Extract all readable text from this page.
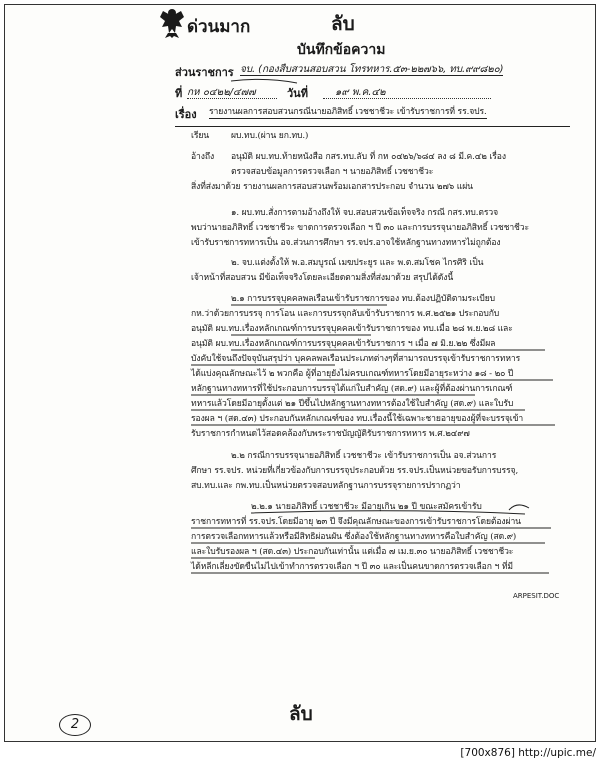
ด่วนมาก	ลับ
บันทึกข้อความ
ส่วนราชการ จบ. (กองสืบสวนสอบสวน โทรทหาร.๕๓-๒๒๗๖๖, ทบ.๙๙๘๒๐)
ที่ กห ๐๔๒๒/๔๗๗	วันที่	๑๙ พ.ค.๔๒
เรื่อง รายงานผลการสอบสวนกรณีนายอภิสิทธิ์ เวชชาชีวะ เข้ารับราชการที่ รร.จปร.
เรียน	ผบ.ทบ.(ผ่าน ยก.ทบ.)
อ้างถึง อนุมัติ ผบ.ทบ.ท้ายหนังสือ กสร.ทบ.ลับ ที่ กห ๐๔๒๖/๖๘๔ ลง ๘ มี.ค.๔๒ เรื่อง
ตรวจสอบข้อมูลการตรวจเลือก ฯ นายอภิสิทธิ์ เวชชาชีวะ
สิ่งที่ส่งมาด้วย รายงานผลการสอบสวนพร้อมเอกสารประกอบ จำนวน ๒๗๖ แผ่น
๑. ผบ.ทบ.สั่งการตามอ้างถึงให้ จบ.สอบสวนข้อเท็จจริง กรณี กสร.ทบ.ตรวจ
พบว่านายอภิสิทธิ์ เวชชาชีวะ ขาดการตรวจเลือก ฯ ปี ๓๐ และการบรรจุนายอภิสิทธิ์ เวชชาชีวะ
เข้ารับราชการทหารเป็น อจ.ส่วนการศึกษา รร.จปร.อาจใช้หลักฐานทางทหารไม่ถูกต้อง
๒. จบ.แต่งตั้งให้ พ.อ.สมบูรณ์ เมฆประยูร และ พ.ต.สมโชค ไกรศิริ เป็น
เจ้าหน้าที่สอบสวน มีข้อเท็จจริงโดยละเอียดตามสิ่งที่ส่งมาด้วย สรุปได้ดังนี้
๒.๑ การบรรจุบุคคลพลเรือนเข้ารับราชการของ ทบ.ต้องปฏิบัติตามระเบียบ
กห.ว่าด้วยการบรรจุ การโอน และการบรรจุกลับเข้ารับราชการ พ.ศ.๒๕๒๑ ประกอบกับ
อนุมัติ ผบ.ทบ.เรื่องหลักเกณฑ์การบรรจุบุคคลเข้ารับราชการของ ทบ.เมื่อ ๒๘ พ.ย.๒๘ และ
อนุมัติ ผบ.ทบ.เรื่องหลักเกณฑ์การบรรจุบุคคลเข้ารับราชการ ฯ เมื่อ ๗ มิ.ย.๒๒ ซึ่งมีผล
บังคับใช้จนถึงปัจจุบันสรุปว่า บุคคลพลเรือนประเภทต่างๆที่สามารถบรรจุเข้ารับราชการทหาร
ได้แบ่งคุณลักษณะไว้ ๒ พวกคือ ผู้ที่อายุยังไม่ครบเกณฑ์ทหารโดยมีอายุระหว่าง ๑๘ - ๒๐ ปี
หลักฐานทางทหารที่ใช้ประกอบการบรรจุได้แก่ใบสำคัญ (สด.๙) และผู้ที่ต้องผ่านการเกณฑ์
ทหารแล้วโดยมีอายุตั้งแต่ ๒๑ ปีขึ้นไปหลักฐานทางทหารต้องใช้ใบสำคัญ (สด.๙) และใบรับ
รองผล ฯ (สด.๔๓) ประกอบกันหลักเกณฑ์ของ ทบ.เรื่องนี้ใช้เฉพาะชายอายุของผู้ที่จะบรรจุเข้า
รับราชการกำหนดไว้สอดคล้องกับพระราชบัญญัติรับราชการทหาร พ.ศ.๒๔๙๗
๒.๒ กรณีการบรรจุนายอภิสิทธิ์ เวชชาชีวะ เข้ารับราชการเป็น อจ.ส่วนการ
ศึกษา รร.จปร. หน่วยที่เกี่ยวข้องกับการบรรจุประกอบด้วย รร.จปร.เป็นหน่วยขอรับการบรรจุ,
สบ.ทบ.และ กพ.ทบ.เป็นหน่วยตรวจสอบหลักฐานการบรรจุรายการปรากฏว่า
๒.๒.๑ นายอภิสิทธิ์ เวชชาชีวะ มีอายุเกิน ๒๑ ปี ขณะสมัครเข้ารับ
ราชการทหารที่ รร.จปร.โดยมีอายุ ๒๓ ปี จึงมีคุณลักษณะของการเข้ารับราชการโดยต้องผ่าน
การตรวจเลือกทหารแล้วหรือมีสิทธิผ่อนผัน ซึ่งต้องใช้หลักฐานทางทหารคือใบสำคัญ (สด.๙)
และใบรับรองผล ฯ (สด.๔๓) ประกอบกันเท่านั้น แต่เมื่อ ๗ เม.ย.๓๐ นายอภิสิทธิ์ เวชชาชีวะ
ได้หลีกเลี่ยงขัดขืนไม่ไปเข้าทำการตรวจเลือก ฯ ปี ๓๐ และเป็นคนขาดการตรวจเลือก ฯ ที่มี
ARPESIT.DOC
ลับ
2
[700x876] http://upic.me/
